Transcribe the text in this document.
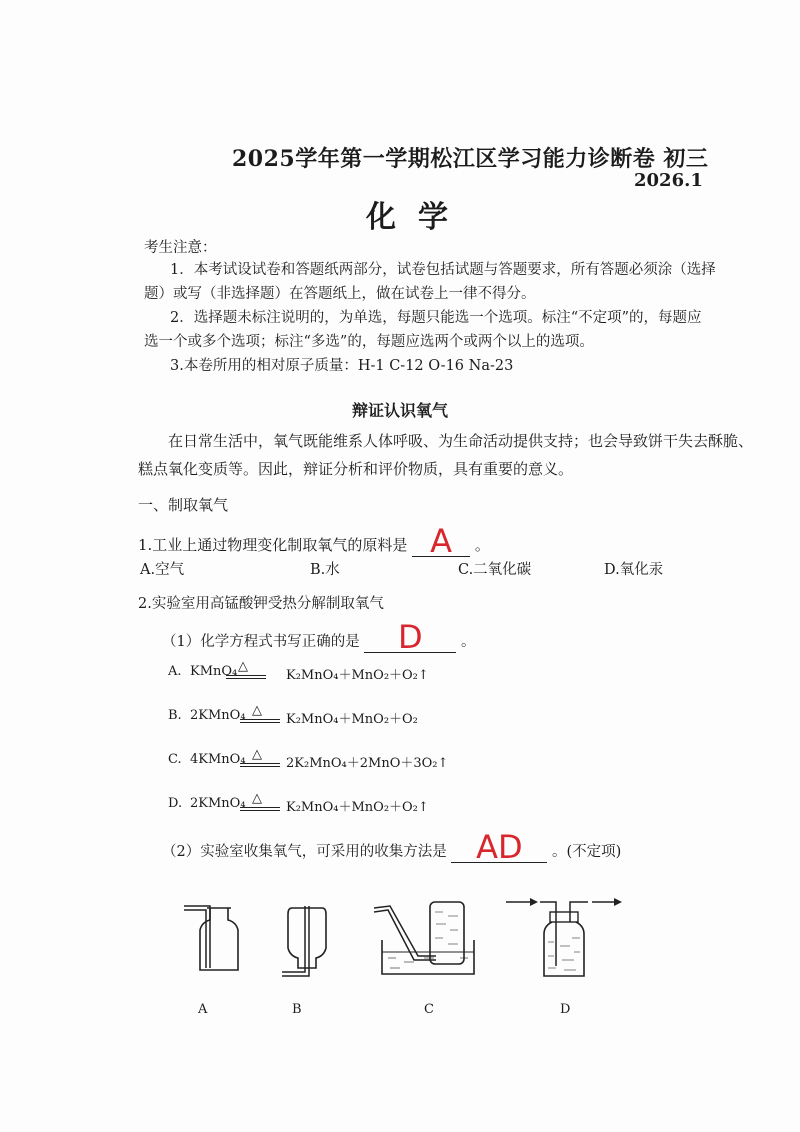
2025学年第一学期松江区学习能力诊断卷 初三
2026.1
化学
考生注意：
1．本考试设试卷和答题纸两部分，试卷包括试题与答题要求，所有答题必须涂（选择
题）或写（非选择题）在答题纸上，做在试卷上一律不得分。
2．选择题未标注说明的，为单选，每题只能选一个选项。标注“不定项”的，每题应
选一个或多个选项；标注“多选”的，每题应选两个或两个以上的选项。
3.本卷所用的相对原子质量：H-1 C-12 O-16 Na-23
辩证认识氧气
在日常生活中，氧气既能维系人体呼吸、为生命活动提供支持；也会导致饼干失去酥脆、
糕点氧化变质等。因此，辩证分析和评价物质，具有重要的意义。
一、制取氧气
1.工业上通过物理变化制取氧气的原料是 A 。
A.空气	B.水	C.二氧化碳	D.氧化汞
2.实验室用高锰酸钾受热分解制取氧气
（1）化学方程式书写正确的是 D	。
A. KMnO₄ △
K₂MnO₄＋MnO₂＋O₂↑
B. 2KMnO₄ △
K₂MnO₄＋MnO₂＋O₂
C. 4KMnO₄ △
2K₂MnO₄＋2MnO＋3O₂↑
D. 2KMnO₄ △
K₂MnO₄＋MnO₂＋O₂↑
（2）实验室收集氧气，可采用的收集方法是 AD 。(不定项)
A	B	C	D
